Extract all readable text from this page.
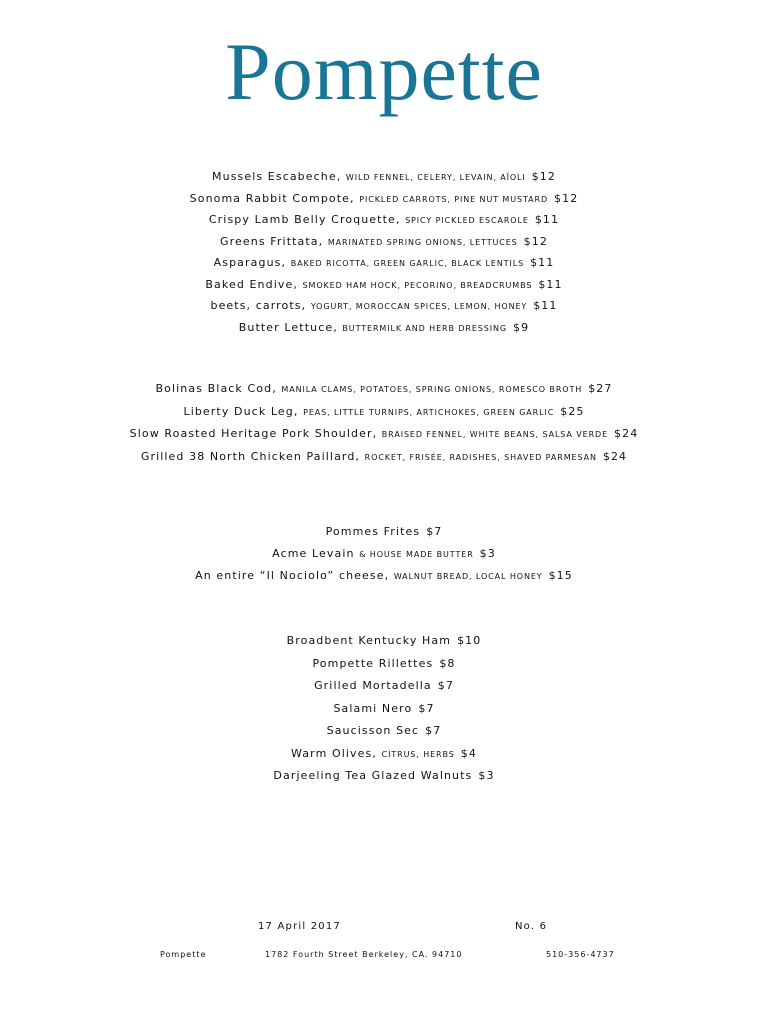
Pompette
Mussels Escabeche, WILD FENNEL, CELERY, LEVAIN, AÏOLI $12
Sonoma Rabbit Compote, PICKLED CARROTS, PINE NUT MUSTARD $12
Crispy Lamb Belly Croquette, SPICY PICKLED ESCAROLE $11
Greens Frittata, MARINATED SPRING ONIONS, LETTUCES $12
Asparagus, BAKED RICOTTA, GREEN GARLIC, BLACK LENTILS $11
Baked Endive, SMOKED HAM HOCK, PECORINO, BREADCRUMBS $11
beets, carrots, YOGURT, MOROCCAN SPICES, LEMON, HONEY $11
Butter Lettuce, BUTTERMILK AND HERB DRESSING $9
Bolinas Black Cod, MANILA CLAMS, POTATOES, SPRING ONIONS, ROMESCO BROTH $27
Liberty Duck Leg, PEAS, LITTLE TURNIPS, ARTICHOKES, GREEN GARLIC $25
Slow Roasted Heritage Pork Shoulder, BRAISED FENNEL, WHITE BEANS, SALSA VERDE $24
Grilled 38 North Chicken Paillard, ROCKET, FRISÉE, RADISHES, SHAVED PARMESAN $24
Pommes Frites $7
Acme Levain & HOUSE MADE BUTTER $3
An entire “Il Nociolo” cheese, WALNUT BREAD, LOCAL HONEY $15
Broadbent Kentucky Ham $10
Pompette Rillettes $8
Grilled Mortadella $7
Salami Nero $7
Saucisson Sec $7
Warm Olives, CITRUS, HERBS $4
Darjeeling Tea Glazed Walnuts $3
17 April 2017	No. 6
Pompette	1782 Fourth Street Berkeley, CA. 94710	510-356-4737
